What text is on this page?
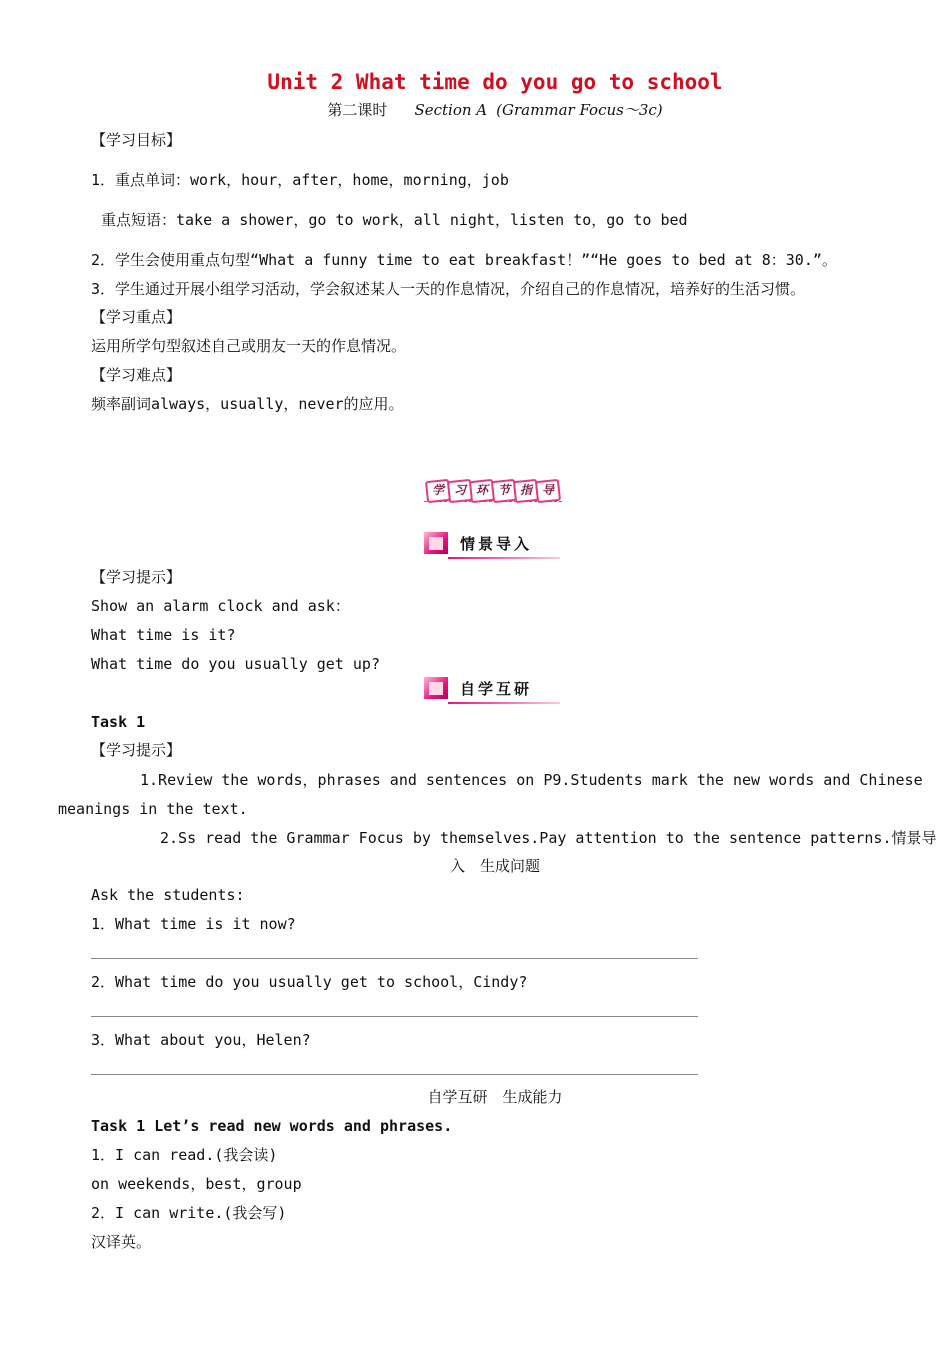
Unit 2 What time do you go to school
第二课时 Section A (Grammar Focus～3c)
【学习目标】
1．重点单词：work，hour，after，home，morning，job
重点短语：take a shower，go to work，all night，listen to，go to bed
2．学生会使用重点句型“What a funny time to eat breakfast！”“He goes to bed at 8：30.”。
3．学生通过开展小组学习活动，学会叙述某人一天的作息情况，介绍自己的作息情况，培养好的生活习惯。
【学习重点】
运用所学句型叙述自己或朋友一天的作息情况。
【学习难点】
频率副词always，usually，never的应用。
学 习 环 节 指 导
情景导入
【学习提示】
Show an alarm clock and ask：
What time is it?
What time do you usually get up?
自学互研
Task 1
【学习提示】
1.Review the words，phrases and sentences on P9.Students mark the new words and Chinese
meanings in the text.
2.Ss read the Grammar Focus by themselves.Pay attention to the sentence patterns.情景导
入　生成问题
Ask the students:
1．What time is it now?
2．What time do you usually get to school，Cindy?
3．What about you，Helen?
自学互研　生成能力
Task 1 Let’s read new words and phrases.
1．I can read.(我会读)
on weekends，best，group
2．I can write.(我会写)
汉译英。
